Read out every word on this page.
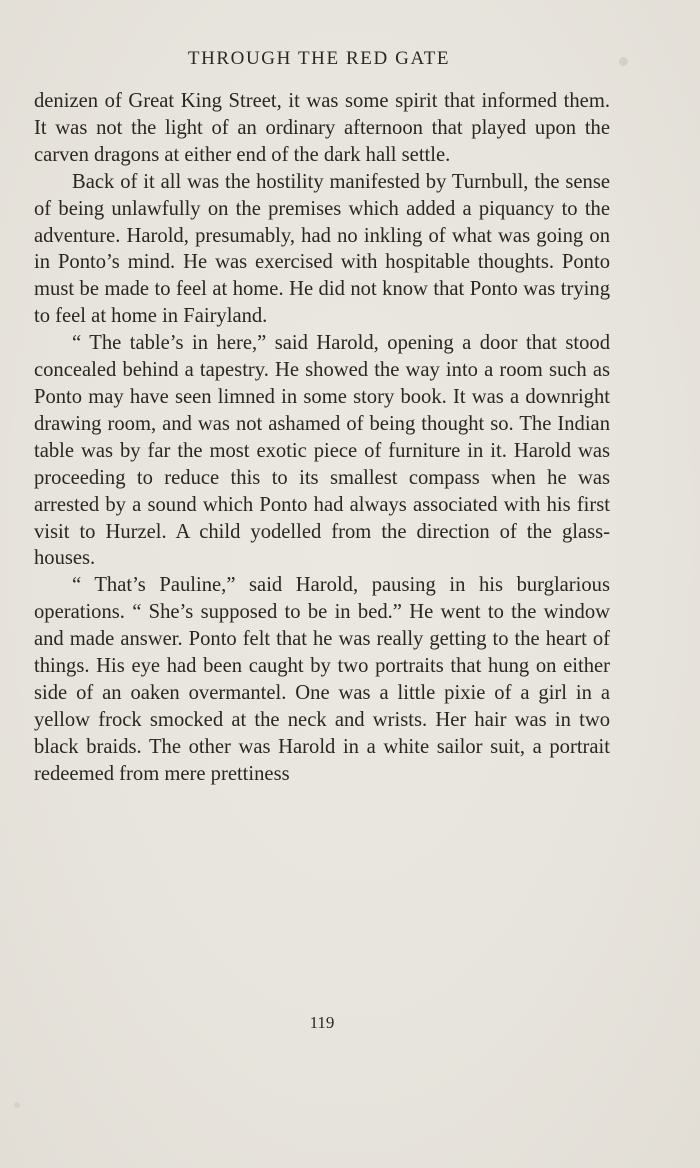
THROUGH THE RED GATE

denizen of Great King Street, it was some spirit that informed them. It was not the light of an ordinary afternoon that played upon the carven dragons at either end of the dark hall settle.

Back of it all was the hostility manifested by Turnbull, the sense of being unlawfully on the premises which added a piquancy to the adventure. Harold, presumably, had no inkling of what was going on in Ponto’s mind. He was exercised with hospitable thoughts. Ponto must be made to feel at home. He did not know that Ponto was trying to feel at home in Fairyland.

“ The table’s in here,” said Harold, opening a door that stood concealed behind a tapestry. He showed the way into a room such as Ponto may have seen limned in some story book. It was a downright drawing room, and was not ashamed of being thought so. The Indian table was by far the most exotic piece of furniture in it. Harold was proceeding to reduce this to its smallest compass when he was arrested by a sound which Ponto had always associated with his first visit to Hurzel. A child yodelled from the direction of the glass-houses.

“ That’s Pauline,” said Harold, pausing in his burglarious operations. “ She’s supposed to be in bed.” He went to the window and made answer. Ponto felt that he was really getting to the heart of things. His eye had been caught by two portraits that hung on either side of an oaken overmantel. One was a little pixie of a girl in a yellow frock smocked at the neck and wrists. Her hair was in two black braids. The other was Harold in a white sailor suit, a portrait redeemed from mere prettiness

119
